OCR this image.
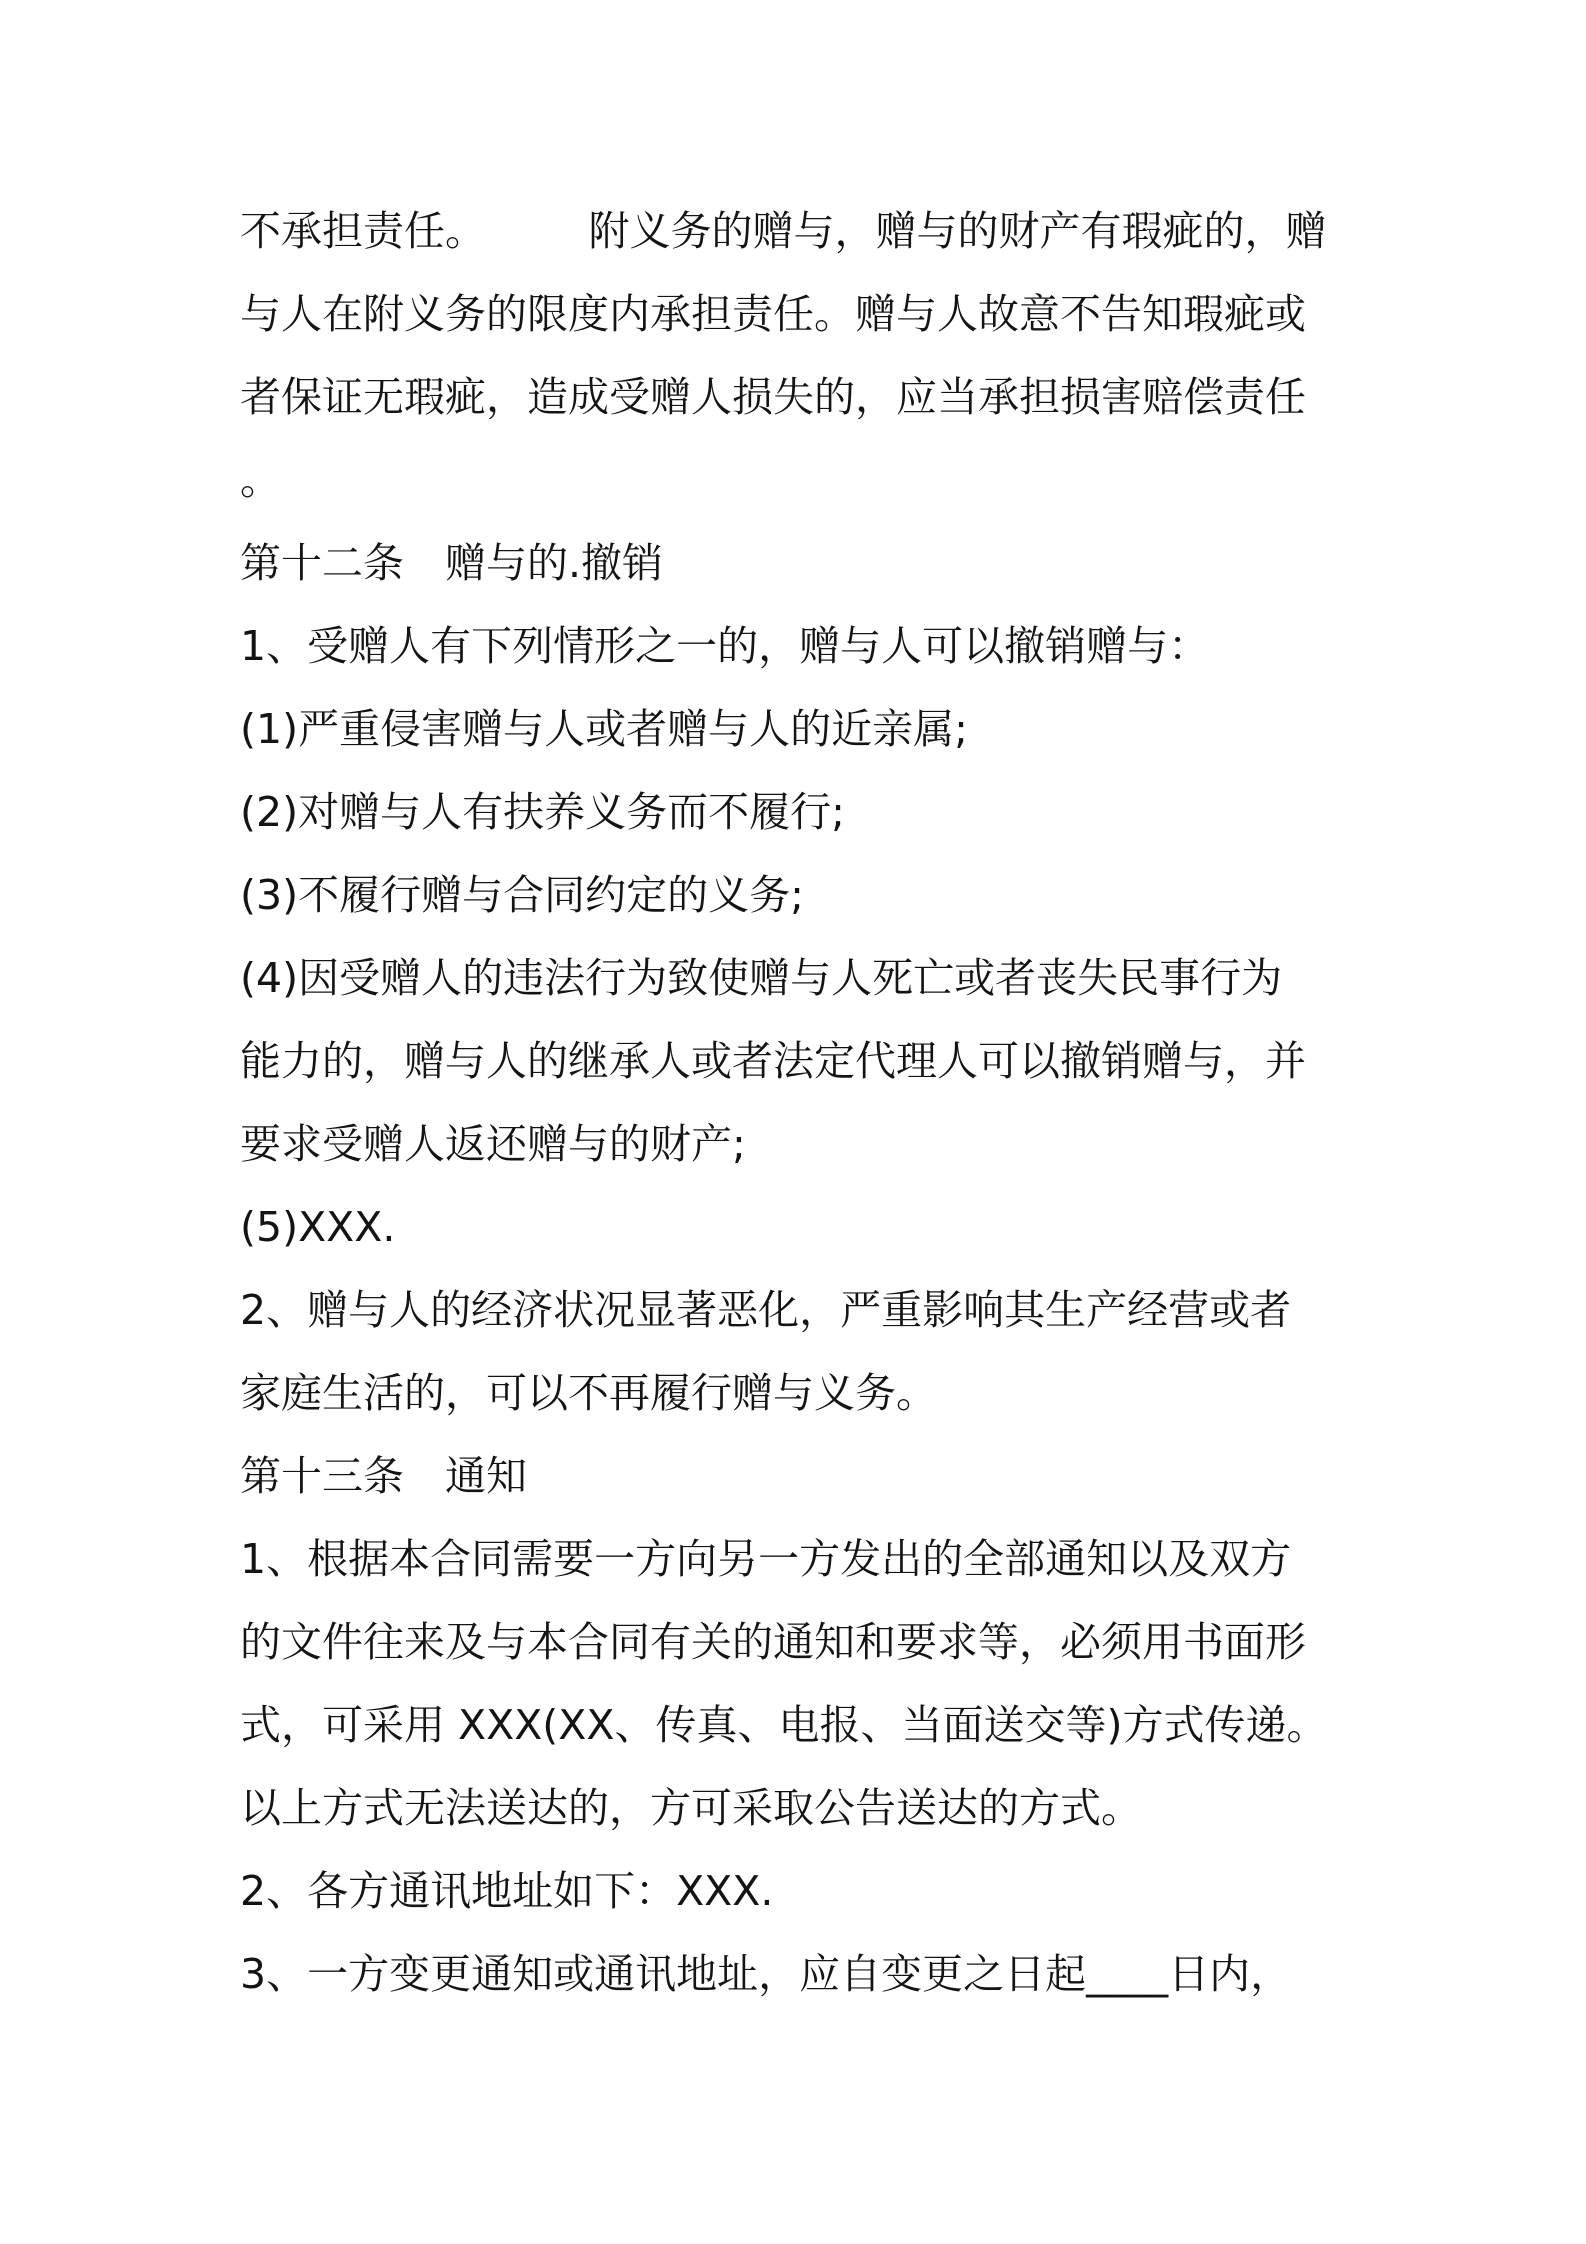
不承担责任。　　　附义务的赠与，赠与的财产有瑕疵的，赠
与人在附义务的限度内承担责任。赠与人故意不告知瑕疵或
者保证无瑕疵，造成受赠人损失的，应当承担损害赔偿责任
。
第十二条　赠与的.撤销
1、受赠人有下列情形之一的，赠与人可以撤销赠与：
(1)严重侵害赠与人或者赠与人的近亲属;
(2)对赠与人有扶养义务而不履行;
(3)不履行赠与合同约定的义务;
(4)因受赠人的违法行为致使赠与人死亡或者丧失民事行为
能力的，赠与人的继承人或者法定代理人可以撤销赠与，并
要求受赠人返还赠与的财产;
(5)XXX.
2、赠与人的经济状况显著恶化，严重影响其生产经营或者
家庭生活的，可以不再履行赠与义务。
第十三条　通知
1、根据本合同需要一方向另一方发出的全部通知以及双方
的文件往来及与本合同有关的通知和要求等，必须用书面形
式，可采用 XXX(XX、传真、电报、当面送交等)方式传递。
以上方式无法送达的，方可采取公告送达的方式。
2、各方通讯地址如下：XXX.
3、一方变更通知或通讯地址，应自变更之日起____日内，
